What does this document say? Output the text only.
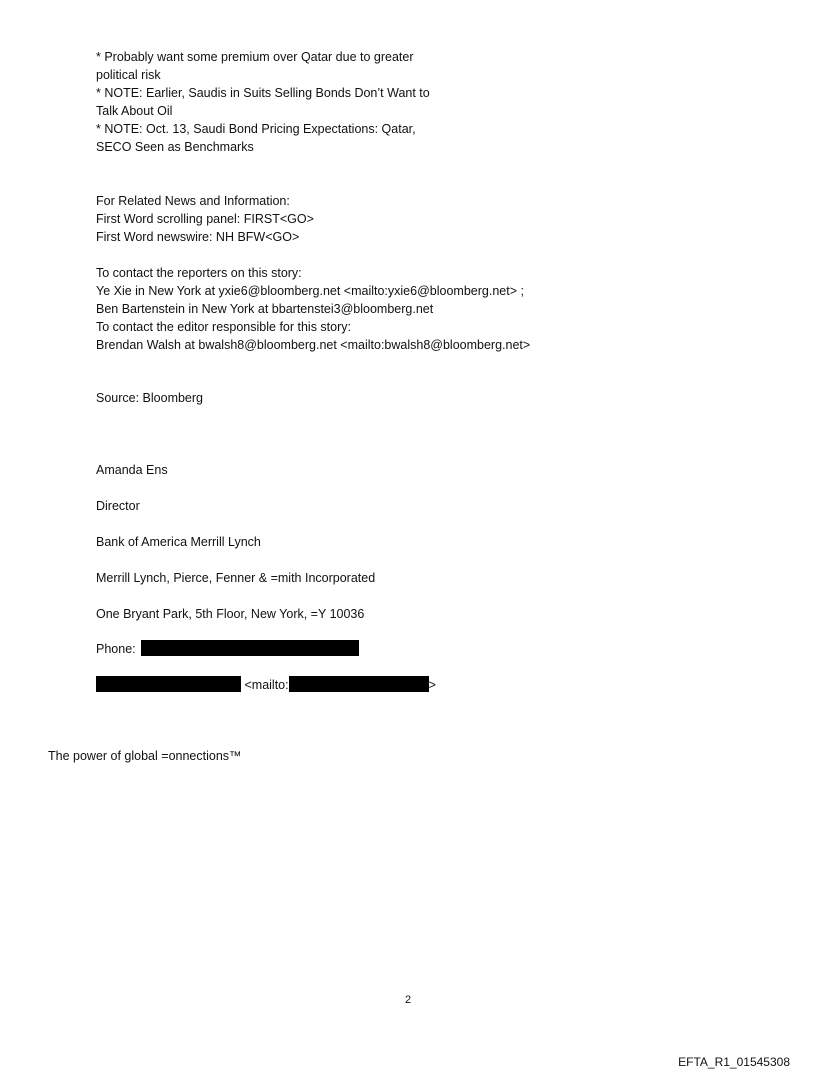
* Probably want some premium over Qatar due to greater
political risk
* NOTE: Earlier, Saudis in Suits Selling Bonds Don’t Want to
Talk About Oil
* NOTE: Oct. 13, Saudi Bond Pricing Expectations: Qatar,
SECO Seen as Benchmarks
For Related News and Information:
First Word scrolling panel: FIRST<GO>
First Word newswire: NH BFW<GO>
To contact the reporters on this story:
Ye Xie in New York at yxie6@bloomberg.net <mailto:yxie6@bloomberg.net> ;
Ben Bartenstein in New York at bbartenstei3@bloomberg.net
To contact the editor responsible for this story:
Brendan Walsh at bwalsh8@bloomberg.net <mailto:bwalsh8@bloomberg.net>
Source: Bloomberg
Amanda Ens
Director
Bank of America Merrill Lynch
Merrill Lynch, Pierce, Fenner & =mith Incorporated
One Bryant Park, 5th Floor, New York, =Y 10036
Phone:
<mailto:	>
The power of global =onnections™
2
EFTA_R1_01545308
